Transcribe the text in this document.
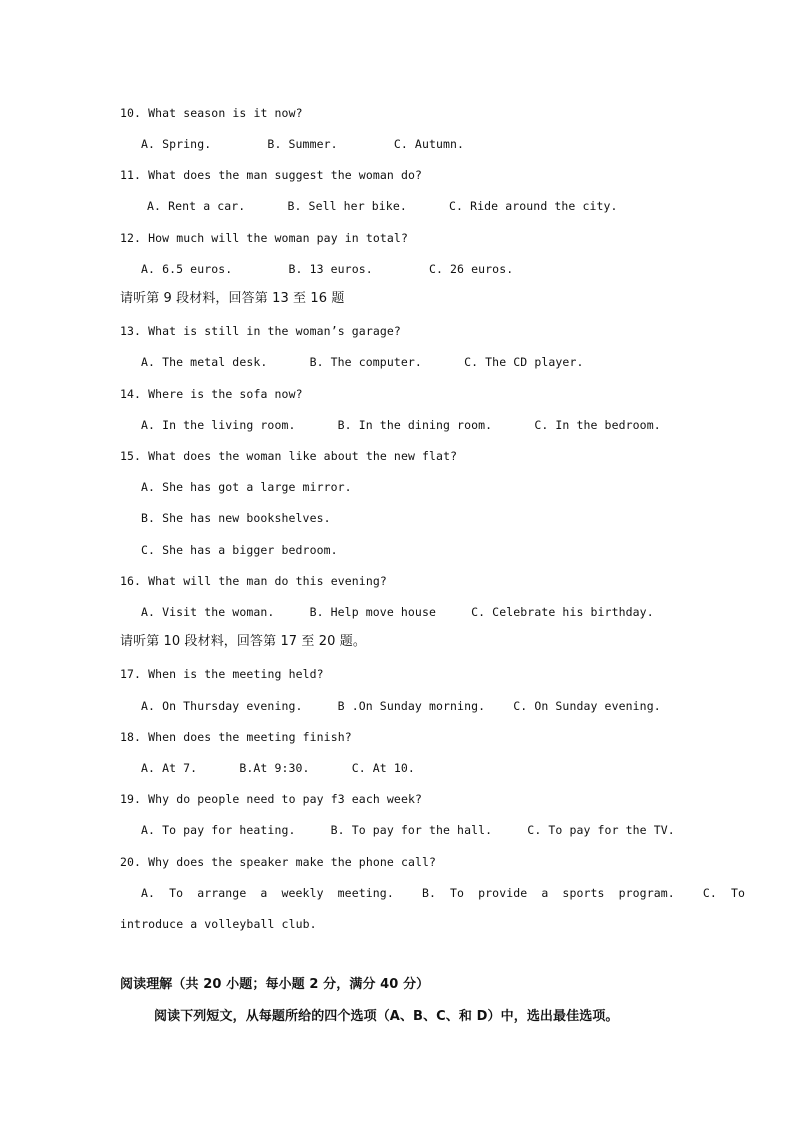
10. What season is it now?
A. Spring.        B. Summer.        C. Autumn.
11. What does the man suggest the woman do?
A. Rent a car.      B. Sell her bike.      C. Ride around the city.
12. How much will the woman pay in total?
A. 6.5 euros.        B. 13 euros.        C. 26 euros.
请听第 9 段材料，回答第 13 至 16 题
13. What is still in the woman’s garage?
A. The metal desk.      B. The computer.      C. The CD player.
14. Where is the sofa now?
A. In the living room.      B. In the dining room.      C. In the bedroom.
15. What does the woman like about the new flat?
A. She has got a large mirror.
B. She has new bookshelves.
C. She has a bigger bedroom.
16. What will the man do this evening?
A. Visit the woman.     B. Help move house     C. Celebrate his birthday.
请听第 10 段材料，回答第 17 至 20 题。
17. When is the meeting held?
A. On Thursday evening.     B .On Sunday morning.    C. On Sunday evening.
18. When does the meeting finish?
A. At 7.      B.At 9:30.      C. At 10.
19. Why do people need to pay f3 each week?
A. To pay for heating.     B. To pay for the hall.     C. To pay for the TV.
20. Why does the speaker make the phone call?
A.  To  arrange  a  weekly  meeting.    B.  To  provide  a  sports  program.    C.  To
introduce a volleyball club.
阅读理解（共 20 小题；每小题 2 分，满分 40 分）
阅读下列短文，从每题所给的四个选项（A、B、C、和 D）中，选出最佳选项。
